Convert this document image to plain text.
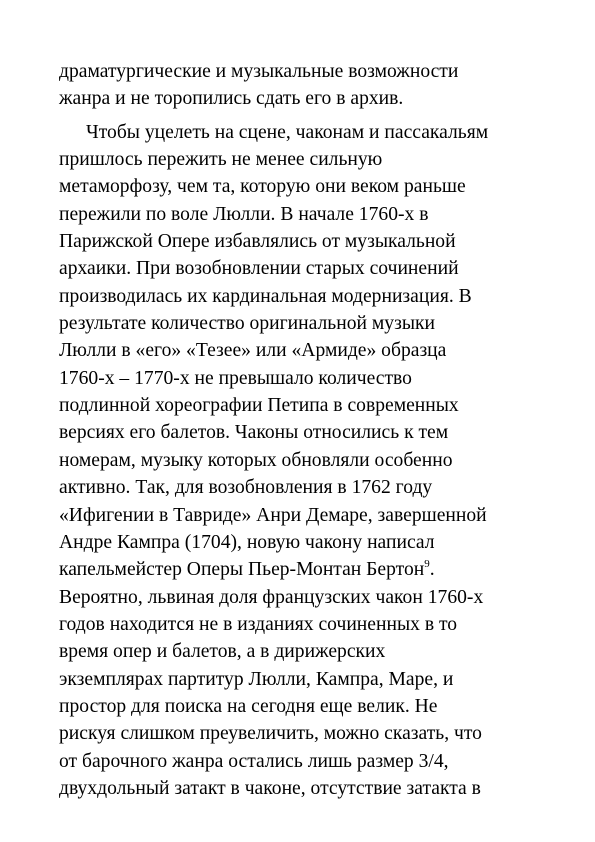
драматургические и музыкальные возможности
жанра и не торопились сдать его в архив.
Чтобы уцелеть на сцене, чаконам и пассакальям
пришлось пережить не менее сильную
метаморфозу, чем та, которую они веком раньше
пережили по воле Люлли. В начале 1760-х в
Парижской Опере избавлялись от музыкальной
архаики. При возобновлении старых сочинений
производилась их кардинальная модернизация. В
результате количество оригинальной музыки
Люлли в «его» «Тезее» или «Армиде» образца
1760-х – 1770-х не превышало количество
подлинной хореографии Петипа в современных
версиях его балетов. Чаконы относились к тем
номерам, музыку которых обновляли особенно
активно. Так, для возобновления в 1762 году
«Ифигении в Тавриде» Анри Демаре, завершенной
Андре Кампра (1704), новую чакону написал
капельмейстер Оперы Пьер-Монтан Бертон$^9$.
Вероятно, львиная доля французских чакон 1760-х
годов находится не в изданиях сочиненных в то
время опер и балетов, а в дирижерских
экземплярах партитур Люлли, Кампра, Маре, и
простор для поиска на сегодня еще велик. Не
рискуя слишком преувеличить, можно сказать, что
от барочного жанра остались лишь размер 3/4,
двухдольный затакт в чаконе, отсутствие затакта в
